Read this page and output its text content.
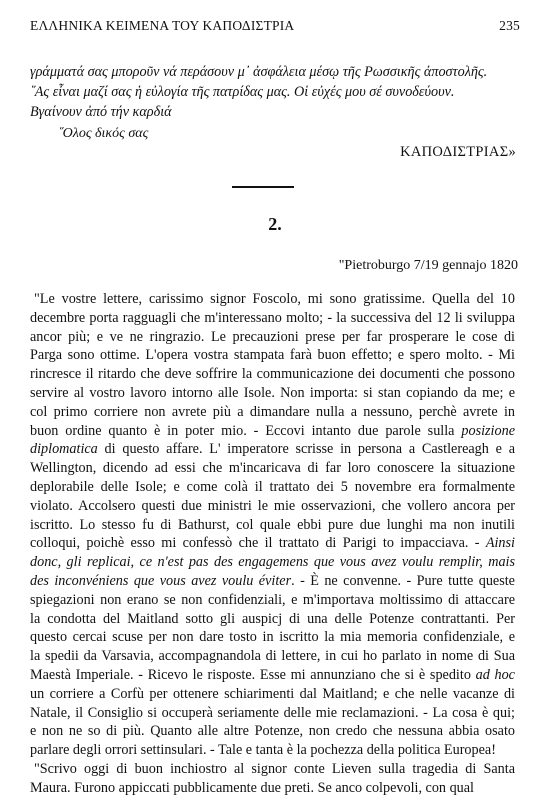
ΕΛΛΗΝΙΚΑ ΚΕΙΜΕΝΑ ΤΟΥ ΚΑΠΟΔΙΣΤΡΙΑ	235
γράμματά σας μποροῦν νά περάσουν μ᾽ ἀσφάλεια μέσῳ τῆς Ρωσσικῆς ἀποστολῆς.
῞Ας εἶναι μαζί σας ἡ εὐλογία τῆς πατρίδας μας. Οἱ εὐχές μου σέ συνοδεύουν.
Βγαίνουν ἀπό τήν καρδιά
῞Ολος δικός σας
ΚΑΠΟΔΙΣΤΡΙΑΣ»
2.
"Pietroburgo 7/19 gennajo 1820
"Le vostre lettere, carissimo signor Foscolo, mi sono gratissime. Quella del 10
decembre porta ragguagli che m'interessano molto; - la successiva del 12 li sviluppa
ancor più; e ve ne ringrazio. Le precauzioni prese per far prosperare le cose di
Parga sono ottime. L'opera vostra stampata farà buon effetto; e spero molto. - Mi
rincresce il ritardo che deve soffrire la communicazione dei documenti che possono
servire al vostro lavoro intorno alle Isole. Non importa: si stan copiando da me; e
col primo corriere non avrete più a dimandare nulla a nessuno, perchè avrete in
buon ordine quanto è in poter mio. - Eccovi intanto due parole sulla posizione
diplomatica di questo affare. L' imperatore scrisse in persona a Castlereagh e a
Wellington, dicendo ad essi che m'incaricava di far loro conoscere la situazione
deplorabile delle Isole; e come colà il trattato dei 5 novembre era formalmente
violato. Accolsero questi due ministri le mie osservazioni, che vollero ancora per
iscritto. Lo stesso fu di Bathurst, col quale ebbi pure due lunghi ma non inutili
colloqui, poichè esso mi confessò che il trattato di Parigi to impacciava. - Ainsi
donc, gli replicai, ce n'est pas des engagemens que vous avez voulu remplir, mais
des inconvéniens que vous avez voulu éviter. - È ne convenne. - Pure tutte queste
spiegazioni non erano se non confidenziali, e m'importava moltissimo di attaccare
la condotta del Maitland sotto gli auspicj di una delle Potenze contrattanti. Per
questo cercai scuse per non dare tosto in iscritto la mia memoria confidenziale, e
la spedii da Varsavia, accompagnandola di lettere, in cui ho parlato in nome di Sua
Maestà Imperiale. - Ricevo le risposte. Esse mi annunziano che si è spedito ad hoc
un corriere a Corfù per ottenere schiarimenti dal Maitland; e che nelle vacanze di
Natale, il Consiglio si occuperà seriamente delle mie reclamazioni. - La cosa è qui;
e non ne so di più. Quanto alle altre Potenze, non credo che nessuna abbia osato
parlare degli orrori settinsulari. - Tale e tanta è la pochezza della politica Europea!
"Scrivo oggi di buon inchiostro al signor conte Lieven sulla tragedia di Santa
Maura. Furono appiccati pubblicamente due preti. Se anco colpevoli, con qual
